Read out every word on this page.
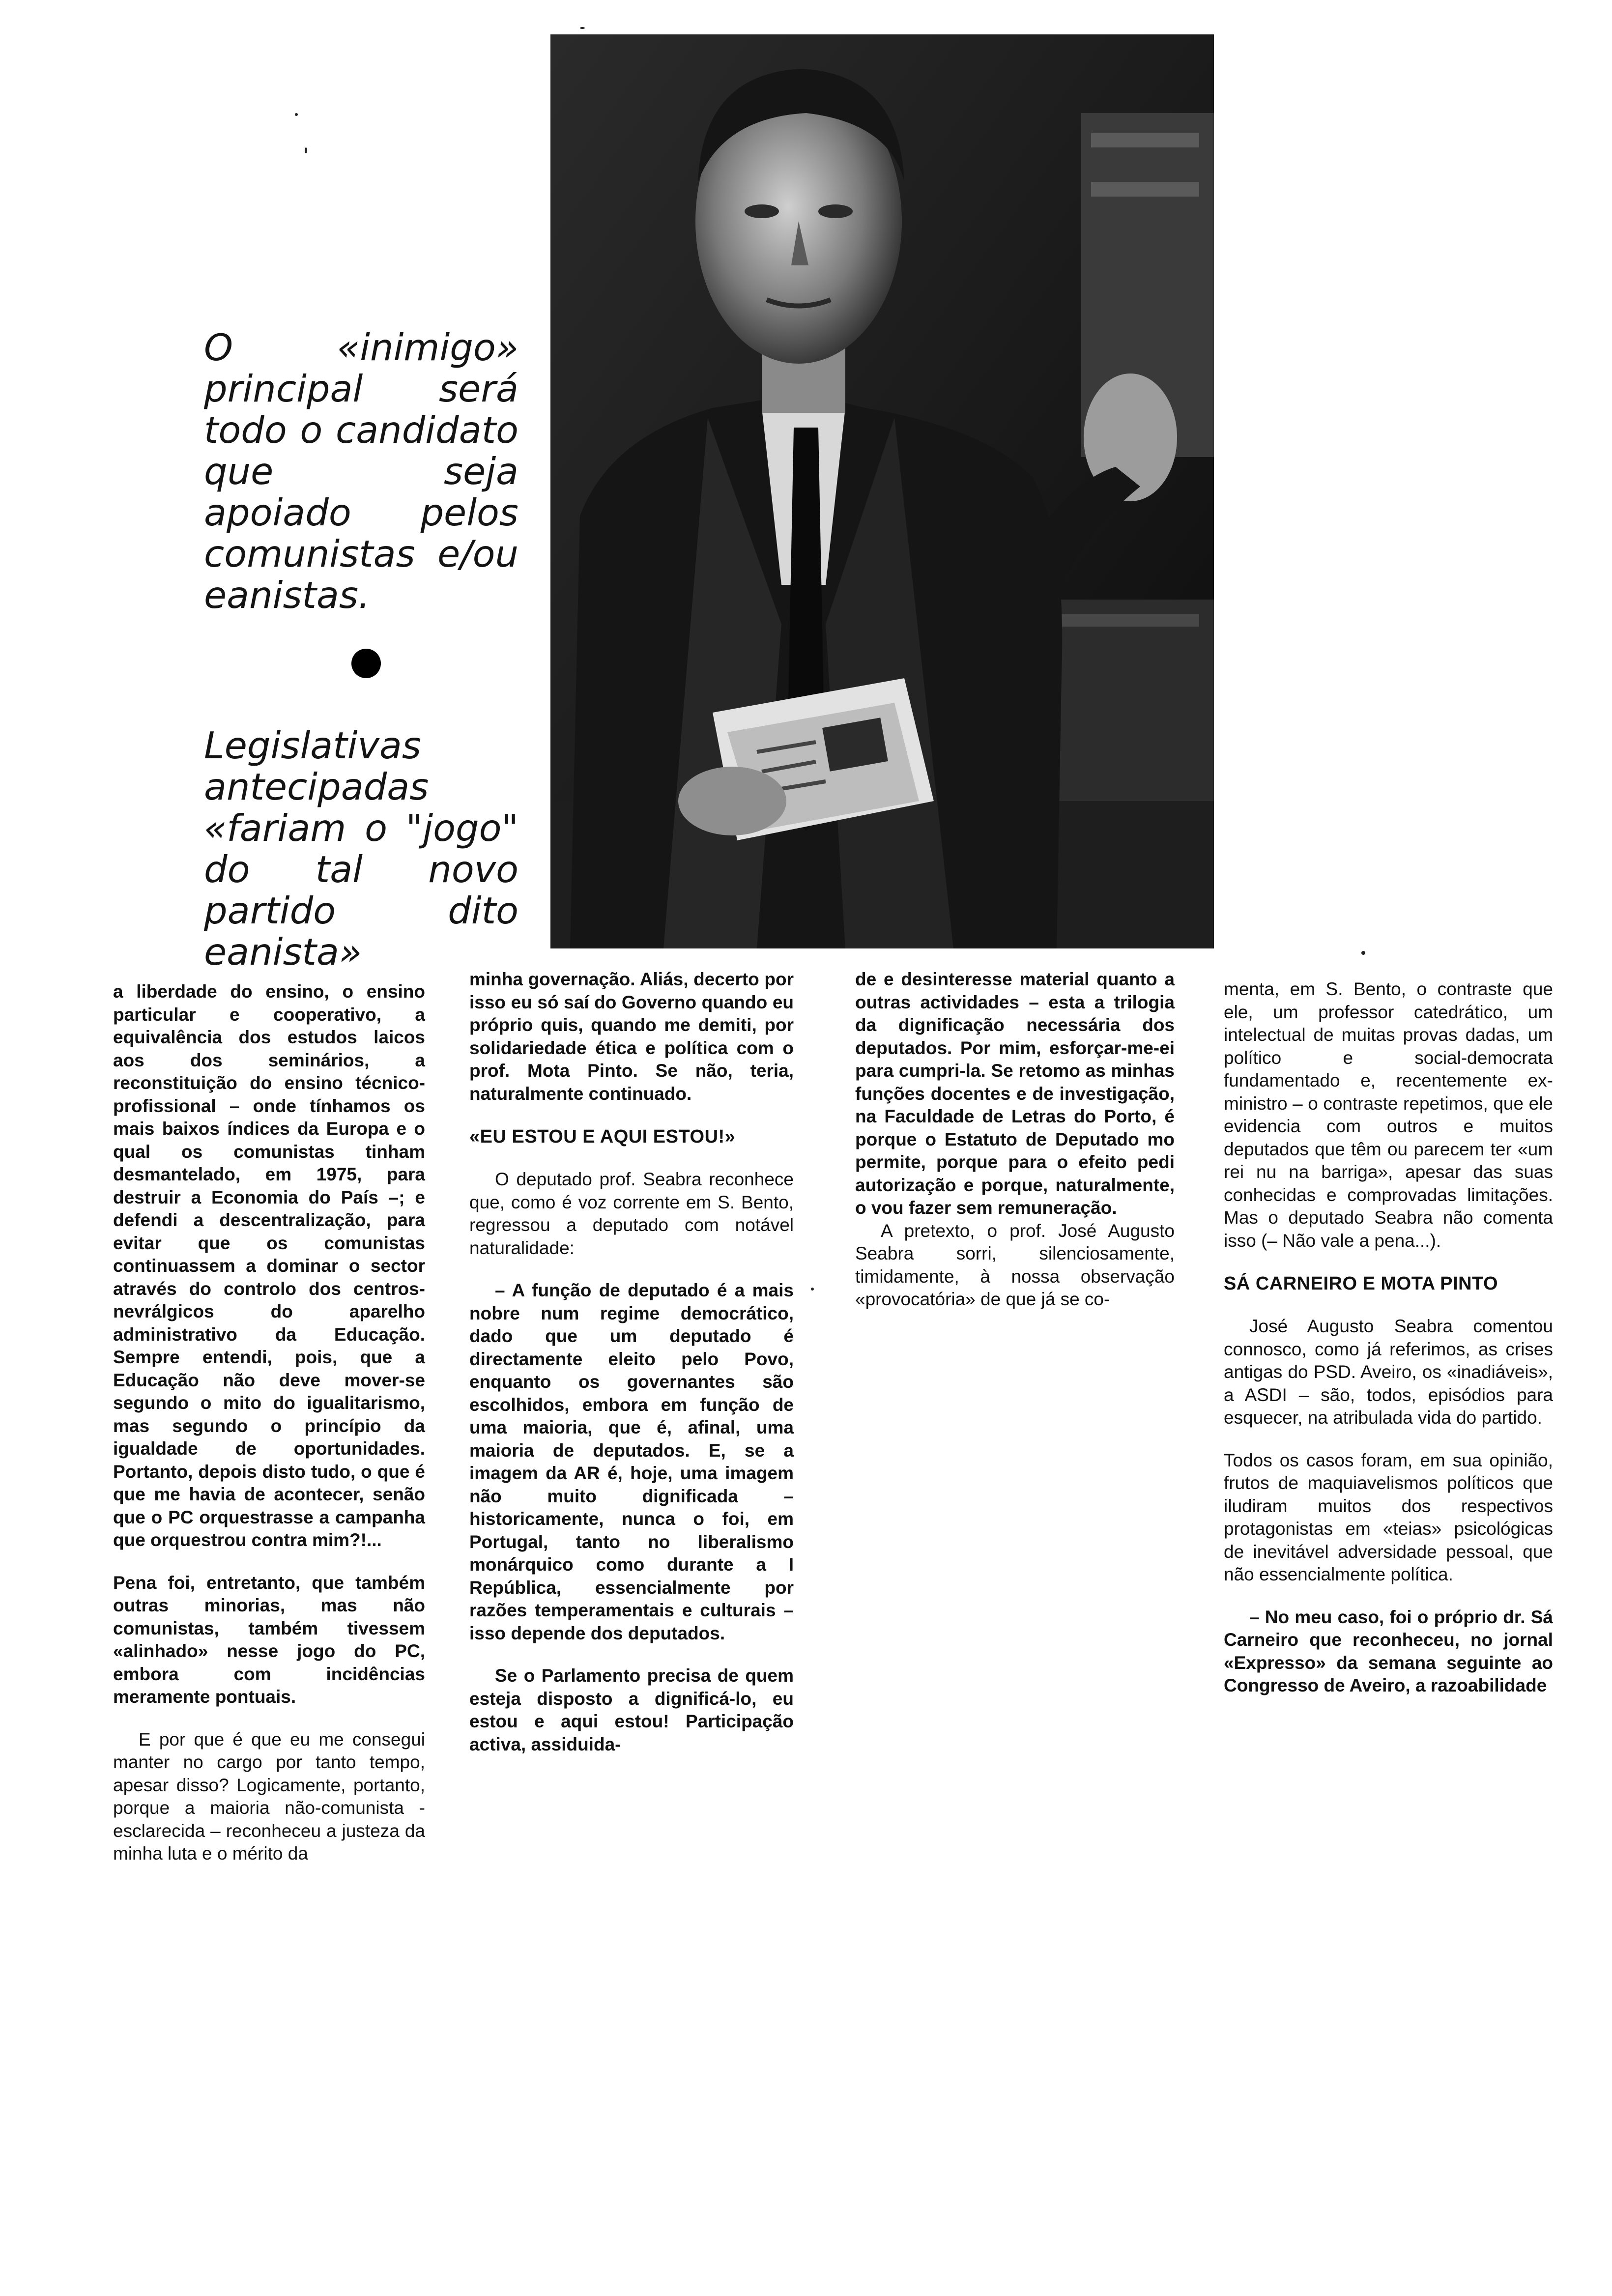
O «inimigo» principal será todo o candidato que seja apoiado pelos comunistas e/ou eanistas.
Legislativas antecipadas «fariam o "jogo" do tal novo partido dito eanista»

a liberdade do ensino, o ensino particular e cooperativo, a equivalência dos estudos laicos aos dos seminários, a reconstituição do ensino técnico-profissional – onde tínhamos os mais baixos índices da Europa e o qual os comunistas tinham desmantelado, em 1975, para destruir a Economia do País –; e defendi a descentralização, para evitar que os comunistas continuassem a dominar o sector através do controlo dos centros-nevrálgicos do aparelho administrativo da Educação. Sempre entendi, pois, que a Educação não deve mover-se segundo o mito do igualitarismo, mas segundo o princípio da igualdade de oportunidades. Portanto, depois disto tudo, o que é que me havia de acontecer, senão que o PC orquestrasse a campanha que orquestrou contra mim?!...

Pena foi, entretanto, que também outras minorias, mas não comunistas, também tivessem «alinhado» nesse jogo do PC, embora com incidências meramente pontuais.

E por que é que eu me consegui manter no cargo por tanto tempo, apesar disso? Logicamente, portanto, porque a maioria não-comunista - esclarecida – reconheceu a justeza da minha luta e o mérito da

minha governação. Aliás, decerto por isso eu só saí do Governo quando eu próprio quis, quando me demiti, por solidariedade ética e política com o prof. Mota Pinto. Se não, teria, naturalmente continuado.

«EU ESTOU E AQUI ESTOU!»

O deputado prof. Seabra reconhece que, como é voz corrente em S. Bento, regressou a deputado com notável naturalidade:

– A função de deputado é a mais nobre num regime democrático, dado que um deputado é directamente eleito pelo Povo, enquanto os governantes são escolhidos, embora em função de uma maioria, que é, afinal, uma maioria de deputados. E, se a imagem da AR é, hoje, uma imagem não muito dignificada – historicamente, nunca o foi, em Portugal, tanto no liberalismo monárquico como durante a I República, essencialmente por razões temperamentais e culturais – isso depende dos deputados.

Se o Parlamento precisa de quem esteja disposto a dignificá-lo, eu estou e aqui estou! Participação activa, assiduida-

de e desinteresse material quanto a outras actividades – esta a trilogia da dignificação necessária dos deputados. Por mim, esforçar-me-ei para cumpri-la. Se retomo as minhas funções docentes e de investigação, na Faculdade de Letras do Porto, é porque o Estatuto de Deputado mo permite, porque para o efeito pedi autorização e porque, naturalmente, o vou fazer sem remuneração.

A pretexto, o prof. José Augusto Seabra sorri, silenciosamente, timidamente, à nossa observação «provocatória» de que já se co-

menta, em S. Bento, o contraste que ele, um professor catedrático, um intelectual de muitas provas dadas, um político e social-democrata fundamentado e, recentemente ex-ministro – o contraste repetimos, que ele evidencia com outros e muitos deputados que têm ou parecem ter «um rei nu na barriga», apesar das suas conhecidas e comprovadas limitações. Mas o deputado Seabra não comenta isso (– Não vale a pena...).

SÁ CARNEIRO E MOTA PINTO

José Augusto Seabra comentou connosco, como já referimos, as crises antigas do PSD. Aveiro, os «inadiáveis», a ASDI – são, todos, episódios para esquecer, na atribulada vida do partido.

Todos os casos foram, em sua opinião, frutos de maquiavelismos políticos que iludiram muitos dos respectivos protagonistas em «teias» psicológicas de inevitável adversidade pessoal, que não essencialmente política.

– No meu caso, foi o próprio dr. Sá Carneiro que reconheceu, no jornal «Expresso» da semana seguinte ao Congresso de Aveiro, a razoabilidade
